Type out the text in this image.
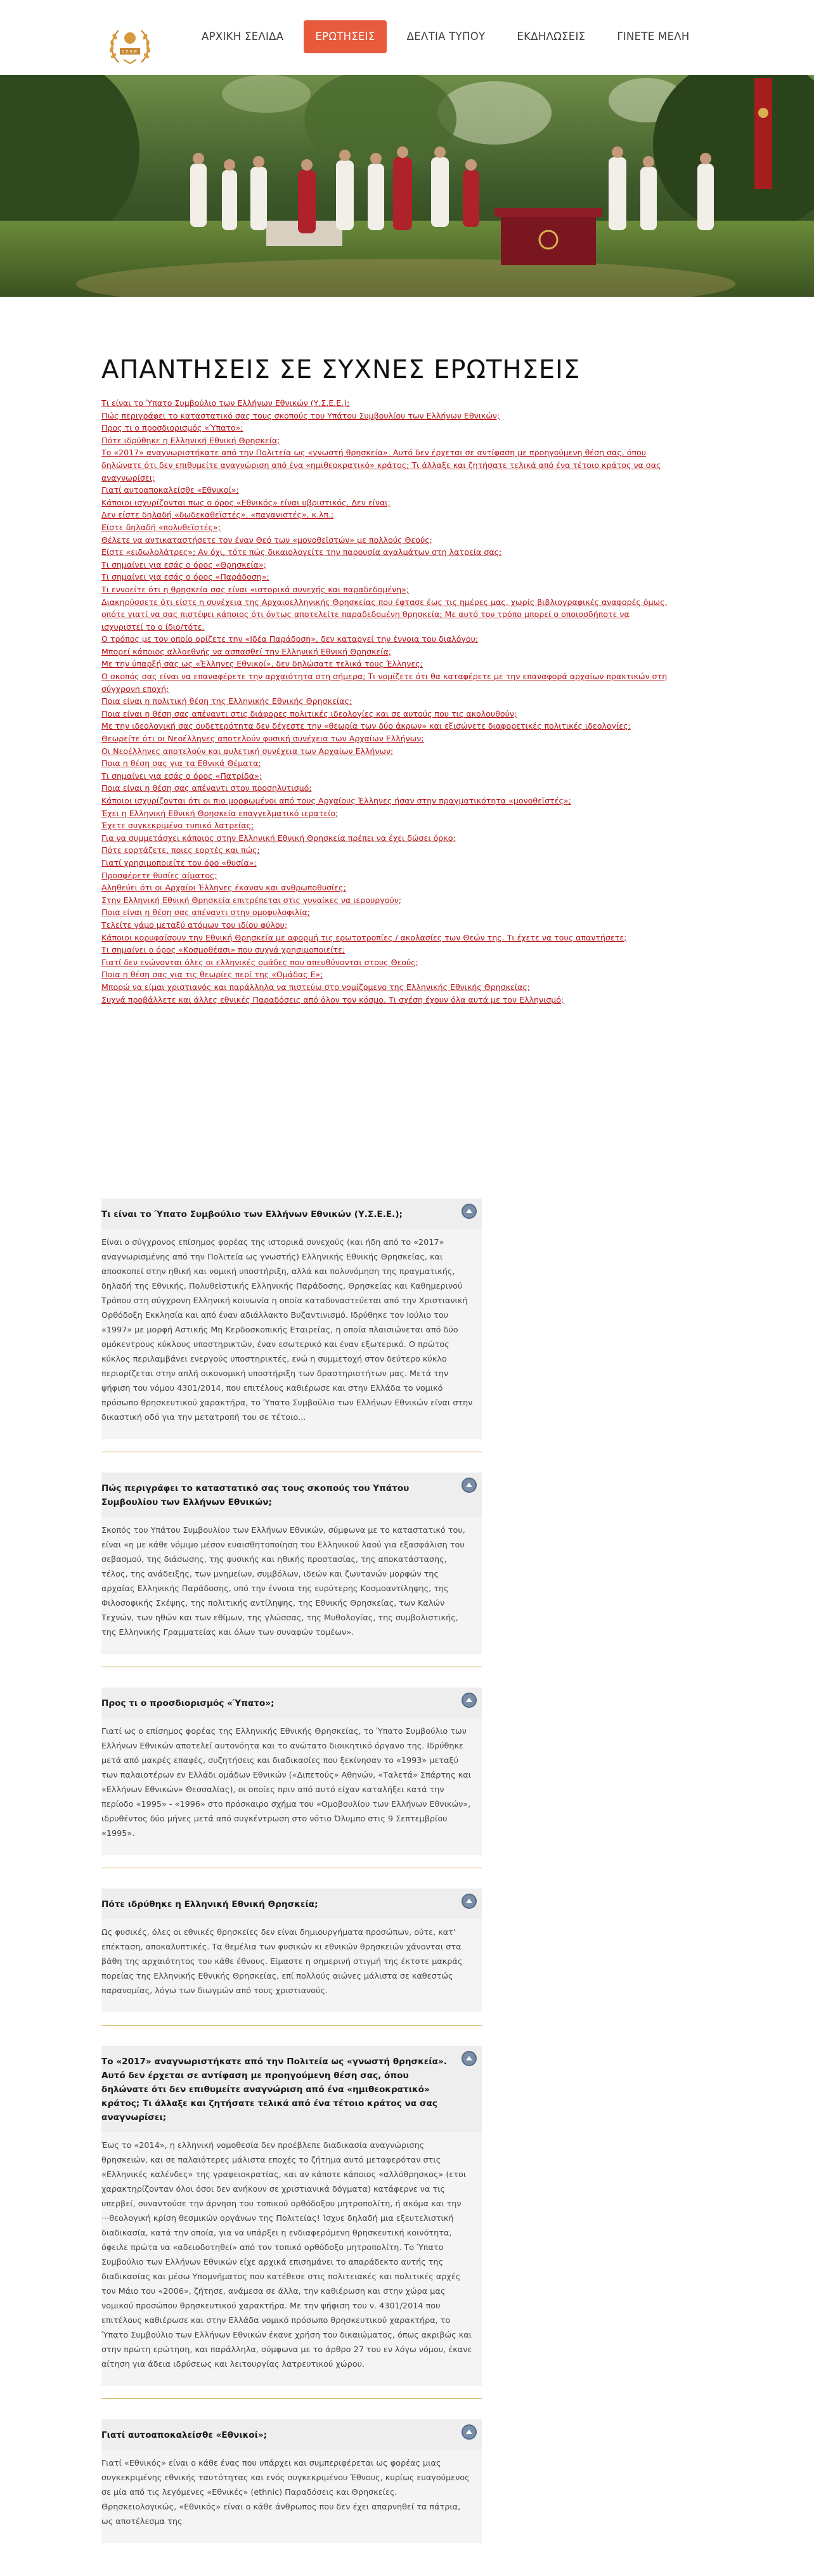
Υ.Σ.Ε.Ε.
ΑΡΧΙΚΗ ΣΕΛΙΔΑ	ΕΡΩΤΗΣΕΙΣ	ΔΕΛΤΙΑ ΤΥΠΟΥ	ΕΚΔΗΛΩΣΕΙΣ	ΓΙΝΕΤΕ ΜΕΛΗ
ΑΠΑΝΤΗΣΕΙΣ ΣΕ ΣΥΧΝΕΣ ΕΡΩΤΗΣΕΙΣ
Τι είναι το Ύπατο Συμβούλιο των Ελλήνων Εθνικών (Υ.Σ.Ε.Ε.);
Πώς περιγράφει το καταστατικό σας τους σκοπούς του Υπάτου Συμβουλίου των Ελλήνων Εθνικών;
Προς τι ο προσδιορισμός «Ύπατο»;
Πότε ιδρύθηκε η Ελληνική Εθνική Θρησκεία;
Το «2017» αναγνωριστήκατε από την Πολιτεία ως «γνωστή θρησκεία». Αυτό δεν έρχεται σε αντίφαση με προηγούμενη θέση σας, όπου δηλώνατε ότι δεν επιθυμείτε αναγνώριση από ένα «ημιθεοκρατικό» κράτος; Τι άλλαξε και ζητήσατε τελικά από ένα τέτοιο κράτος να σας αναγνωρίσει;
Γιατί αυτοαποκαλείσθε «Εθνικοί»;
Κάποιοι ισχυρίζονται πως ο όρος «Εθνικός» είναι υβριστικός. Δεν είναι;
Δεν είστε δηλαδή «δωδεκαθεϊστές», «παγανιστές», κ.λπ.;
Είστε δηλαδή «πολυθεϊστές»;
Θέλετε να αντικαταστήσετε τον έναν Θεό των «μονοθεϊστών» με πολλούς Θεούς;
Είστε «ειδωλολάτρες»; Αν όχι, τότε πώς δικαιολογείτε την παρουσία αγαλμάτων στη λατρεία σας;
Τι σημαίνει για εσάς ο όρος «Θρησκεία»;
Τι σημαίνει για εσάς ο όρος «Παράδοση»;
Τι εννοείτε ότι η θρησκεία σας είναι «ιστορικά συνεχής και παραδεδομένη»;
Διακηρύσσετε ότι είστε η συνέχεια της Αρχαιοελληνικής Θρησκείας που έφτασε έως τις ημέρες μας, χωρίς βιβλιογραφικές αναφορές όμως, οπότε γιατί να σας πιστέψει κάποιος ότι όντως αποτελείτε παραδεδομένη θρησκεία; Με αυτό τον τρόπο μπορεί ο οποιοσδήποτε να ισχυριστεί το ο ίδιο/τότε.
Ο τρόπος με τον οποίο ορίζετε την «Ιδέα Παράδοση», δεν καταργεί την έννοια του διαλόγου;
Μπορεί κάποιος αλλοεθνής να ασπασθεί την Ελληνική Εθνική Θρησκεία;
Με την ύπαρξή σας ως «Έλληνες Εθνικοί», δεν δηλώσατε τελικά τους Έλληνες;
Ο σκοπός σας είναι να επαναφέρετε την αρχαιότητα στη σήμερα; Τι νομίζετε ότι θα καταφέρετε με την επαναφορά αρχαίων πρακτικών στη σύγχρονη εποχή;
Ποια είναι η πολιτική θέση της Ελληνικής Εθνικής Θρησκείας;
Ποια είναι η θέση σας απέναντι στις διάφορες πολιτικές ιδεολογίες και σε αυτούς που τις ακολουθούν;
Με την ιδεολογική σας ουδετερότητα δεν δέχεστε την «θεωρία των δύο άκρων» και εξισώνετε διαφορετικές πολιτικές ιδεολογίες;
Θεωρείτε ότι οι Νεοέλληνες αποτελούν φυσική συνέχεια των Αρχαίων Ελλήνων;
Οι Νεοέλληνες αποτελούν και φυλετική συνέχεια των Αρχαίων Ελλήνων;
Ποια η θέση σας για τα Εθνικά Θέματα;
Τι σημαίνει για εσάς ο όρος «Πατρίδα»;
Ποια είναι η θέση σας απέναντι στον προσηλυτισμό;
Κάποιοι ισχυρίζονται ότι οι πιο μορφωμένοι από τους Αρχαίους Έλληνες ήσαν στην πραγματικότητα «μονοθεϊστές»;
Έχει η Ελληνική Εθνική Θρησκεία επαγγελματικό ιερατείο;
Έχετε συγκεκριμένο τυπικό λατρείας;
Για να συμμετάσχει κάποιος στην Ελληνική Εθνική Θρησκεία πρέπει να έχει δώσει όρκο;
Πότε εορτάζετε, ποιες εορτές και πώς;
Γιατί χρησιμοποιείτε τον όρο «θυσία»;
Προσφέρετε θυσίες αίματος;
Αληθεύει ότι οι Αρχαίοι Έλληνες έκαναν και ανθρωποθυσίες;
Στην Ελληνική Εθνική Θρησκεία επιτρέπεται στις γυναίκες να ιερουργούν;
Ποια είναι η θέση σας απέναντι στην ομοφυλοφιλία;
Τελείτε γάμο μεταξύ ατόμων του ιδίου φύλου;
Κάποιοι κορυφαίσουν την Εθνική Θρησκεία με αφορμή τις ερωτοτροπίες / ακολασίες των Θεών της. Τι έχετε να τους απαντήσετε;
Τι σημαίνει ο όρος «Κοσμοθέασι» που συχνά χρησιμοποιείτε;
Γιατί δεν ενώνονται όλες οι ελληνικές ομάδες που απευθύνονται στους Θεούς;
Ποια η θέση σας για τις θεωρίες περί της «Ομάδας Ε»;
Μπορώ να είμαι χριστιανός και παράλληλα να πιστεύω στο νομίζομενο της Ελληνικής Εθνικής Θρησκείας;
Συχνά προβάλλετε και άλλες εθνικές Παραδόσεις από όλον τον κόσμο. Τι σχέση έχουν όλα αυτά με τον Ελληνισμό;
Τι είναι το Ύπατο Συμβούλιο των Ελλήνων Εθνικών (Υ.Σ.Ε.Ε.);

Είναι ο σύγχρονος επίσημος φορέας της ιστορικά συνεχούς (και ήδη από το «2017» αναγνωρισμένης από την Πολιτεία ως γνωστής) Ελληνικής Εθνικής Θρησκείας, και αποσκοπεί στην ηθική και νομική υποστήριξη, αλλά και πολυνόμηση της πραγματικής, δηλαδή της Εθνικής, Πολυθεϊστικής Ελληνικής Παράδοσης, Θρησκείας και Καθημερινού Τρόπου στη σύγχρονη Ελληνική κοινωνία η οποία καταδυναστεύεται από την Χριστιανική Ορθόδοξη Εκκλησία και από έναν αδιάλλακτο Βυζαντινισμό. Ιδρύθηκε τον Ιούλιο του «1997» με μορφή Αστικής Μη Κερδοσκοπικής Εταιρείας, η οποία πλαισιώνεται από δύο ομόκεντρους κύκλους υποστηρικτών, έναν εσωτερικό και έναν εξωτερικό. Ο πρώτος κύκλος περιλαμβάνει ενεργούς υποστηρικτές, ενώ η συμμετοχή στον δεύτερο κύκλο περιορίζεται στην απλή οικονομική υποστήριξη των δραστηριοτήτων μας. Μετά την ψήφιση του νόμου 4301/2014, που επιτέλους καθιέρωσε και στην Ελλάδα το νομικό πρόσωπο θρησκευτικού χαρακτήρα, το Ύπατο Συμβούλιο των Ελλήνων Εθνικών είναι στην δικαστική οδό για την μετατροπή του σε τέτοιο...

Πώς περιγράφει το καταστατικό σας τους σκοπούς του Υπάτου Συμβουλίου των Ελλήνων Εθνικών;

Σκοπός του Υπάτου Συμβουλίου των Ελλήνων Εθνικών, σύμφωνα με το καταστατικό του, είναι «η με κάθε νόμιμο μέσον ευαισθητοποίηση του Ελληνικού λαού για εξασφάλιση του σεβασμού, της διάσωσης, της φυσικής και ηθικής προστασίας, της αποκατάστασης, τέλος, της ανάδειξης, των μνημείων, συμβόλων, ιδεών και ζωντανών μορφών της αρχαίας Ελληνικής Παράδοσης, υπό την έννοια της ευρύτερης Κοσμοαντίληψης, της Φιλοσοφικής Σκέψης, της πολιτικής αντίληψης, της Εθνικής Θρησκείας, των Καλών Τεχνών, των ηθών και των εθίμων, της γλώσσας, της Μυθολογίας, της συμβολιστικής, της Ελληνικής Γραμματείας και όλων των συναφών τομέων».

Προς τι ο προσδιορισμός «Ύπατο»;

Γιατί ως ο επίσημος φορέας της Ελληνικής Εθνικής Θρησκείας, το Ύπατο Συμβούλιο των Ελλήνων Εθνικών αποτελεί αυτονόητα και το ανώτατο διοικητικό όργανο της. Ιδρύθηκε μετά από μακρές επαφές, συζητήσεις και διαδικασίες που ξεκίνησαν το «1993» μεταξύ των παλαιοτέρων εν Ελλάδι ομάδων Εθνικών («Διπετούς» Αθηνών, «Ταλετά» Σπάρτης και «Ελλήνων Εθνικών» Θεσσαλίας), οι οποίες πριν από αυτό είχαν καταλήξει κατά την περίοδο «1995» - «1996» στο πρόσκαιρο σχήμα του «Ομοβουλίου των Ελλήνων Εθνικών», ιδρυθέντος δύο μήνες μετά από συγκέντρωση στο νότιο Όλυμπο στις 9 Σεπτεμβρίου «1995».

Πότε ιδρύθηκε η Ελληνική Εθνική Θρησκεία;

Ως φυσικές, όλες οι εθνικές θρησκείες δεν είναι δημιουργήματα προσώπων, ούτε, κατ' επέκταση, αποκαλυπτικές. Τα θεμέλια των φυσικών κι εθνικών θρησκειών χάνονται στα βάθη της αρχαιότητος του κάθε έθνους. Είμαστε η σημερινή στιγμή της έκτοτε μακράς πορείας της Ελληνικής Εθνικής Θρησκείας, επί πολλούς αιώνες μάλιστα σε καθεστώς παρανομίας, λόγω των διωγμών από τους χριστιανούς.

Το «2017» αναγνωριστήκατε από την Πολιτεία ως «γνωστή θρησκεία». Αυτό δεν έρχεται σε αντίφαση με προηγούμενη θέση σας, όπου δηλώνατε ότι δεν επιθυμείτε αναγνώριση από ένα «ημιθεοκρατικό» κράτος; Τι άλλαξε και ζητήσατε τελικά από ένα τέτοιο κράτος να σας αναγνωρίσει;

Έως το «2014», η ελληνική νομοθεσία δεν προέβλεπε διαδικασία αναγνώρισης θρησκειών, και σε παλαιότερες μάλιστα εποχές το ζήτημα αυτό μεταφερόταν στις «Ελληνικές καλένδες» της γραφειοκρατίας, και αν κάποτε κάποιος «αλλόθρησκος» (ετοι χαρακτηρίζονταν όλοι όσοι δεν ανήκουν σε χριστιανικά δόγματα) κατάφερνε να τις υπερβεί, συναντούσε την άρνηση του τοπικού ορθόδοξου μητροπολίτη, ή ακόμα και την ···θεολογική κρίση θεσμικών οργάνων της Πολιτείας! Ίσχυε δηλαδή μια εξευτελιστική διαδικασία, κατά την οποία, για να υπάρξει η ενδιαφερόμενη θρησκευτική κοινότητα, όφειλε πρώτα να «αδειοδοτηθεί» από τον τοπικό ορθόδοξο μητροπολίτη. Το Ύπατο Συμβούλιο των Ελλήνων Εθνικών είχε αρχικά επισημάνει το απαράδεκτο αυτής της διαδικασίας και μέσω Υπομνήματος που κατέθεσε στις πολιτειακές και πολιτικές αρχές τον Μάιο του «2006», ζήτησε, ανάμεσα σε άλλα, την καθιέρωση και στην χώρα μας νομικού προσώπου θρησκευτικού χαρακτήρα. Με την ψήφιση του ν. 4301/2014 που επιτέλους καθιέρωσε και στην Ελλάδα νομικό πρόσωπο θρησκευτικού χαρακτήρα, το Ύπατο Συμβούλιο των Ελλήνων Εθνικών έκανε χρήση του δικαιώματος, όπως ακριβώς και στην πρώτη ερώτηση, και παράλληλα, σύμφωνα με το άρθρο 27 του εν λόγω νόμου, έκανε αίτηση για άδεια ιδρύσεως και λειτουργίας λατρευτικού χώρου.

Γιατί αυτοαποκαλείσθε «Εθνικοί»;

Γιατί «Εθνικός» είναι ο κάθε ένας που υπάρχει και συμπεριφέρεται ως φορέας μιας συγκεκριμένης εθνικής ταυτότητας και ενός συγκεκριμένου Έθνους, κυρίως ευαγούμενος σε μία από τις λεγόμενες «Εθνικές» (ethnic) Παραδόσεις και Θρησκείες. Θρησκειολογικώς, «Εθνικός» είναι ο κάθε άνθρωπος που δεν έχει απαρνηθεί τα πάτρια, ως αποτέλεσμα της
